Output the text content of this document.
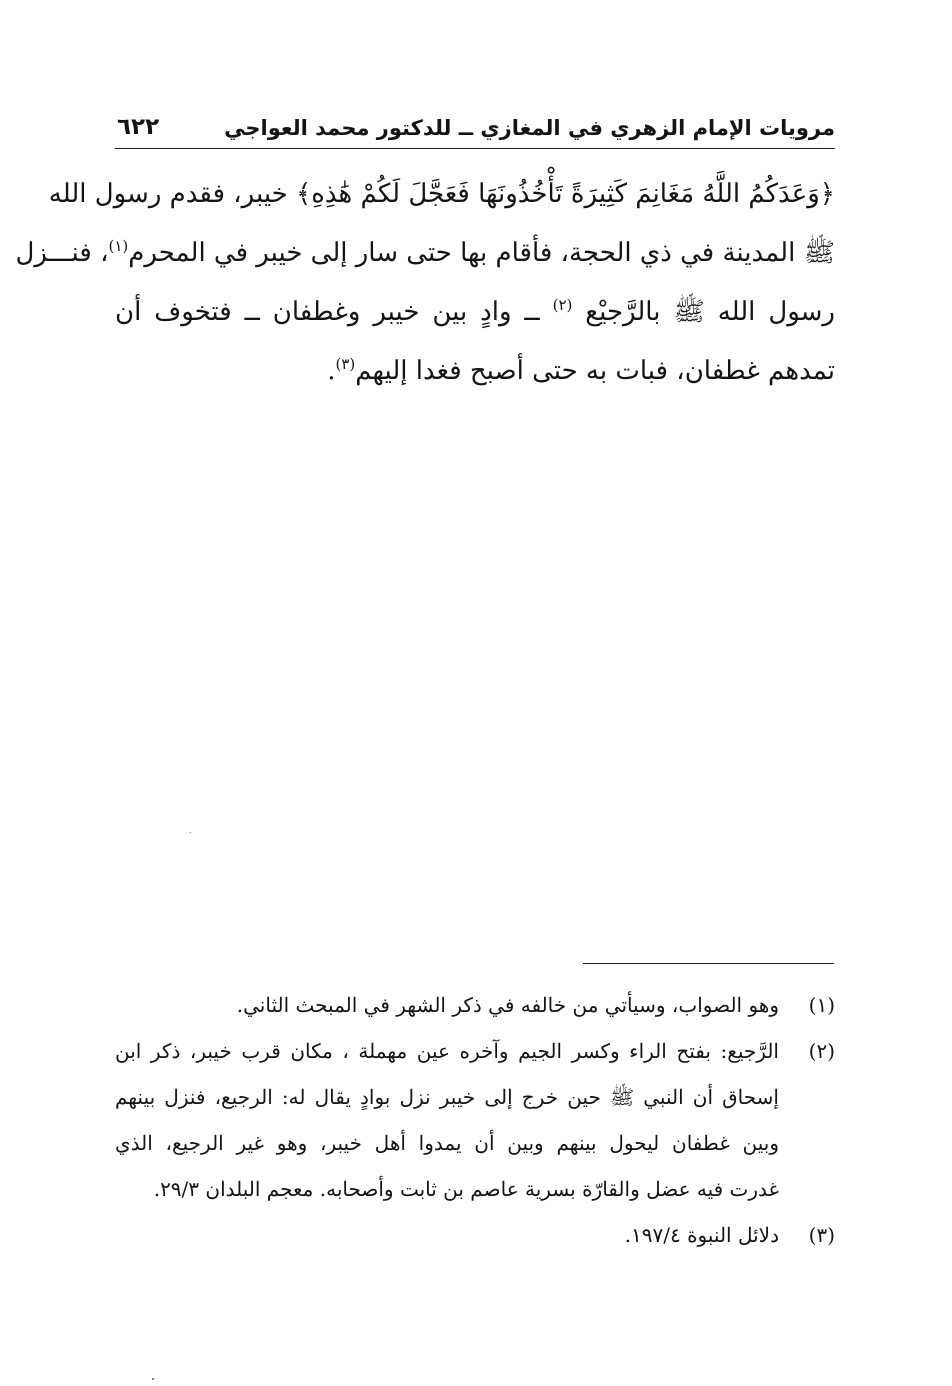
مرويات الإمام الزهري في المغازي ــ للدكتور محمد العواجي
٦٢٢
﴿وَعَدَكُمُ اللَّهُ مَغَانِمَ كَثِيرَةً تَأْخُذُونَهَا فَعَجَّلَ لَكُمْ هَٰذِهِ﴾ خيبر، فقدم رسول الله
ﷺ المدينة في ذي الحجة، فأقام بها حتى سار إلى خيبر في المحرم$^{(١)}$، فنـــزل
رسول الله ﷺ بالرَّجيْع $^{(٢)}$ ــ وادٍ بين خيبر وغطفان ــ فتخوف أن
تمدهم غطفان، فبات به حتى أصبح فغدا إليهم$^{(٣)}$.
(١)
وهو الصواب، وسيأتي من خالفه في ذكر الشهر في المبحث الثاني.
(٢)
الرَّجيع: بفتح الراء وكسر الجيم وآخره عين مهملة ، مكان قرب خيبر، ذكر ابن
إسحاق أن النبي ﷺ حين خرج إلى خيبر نزل بوادٍ يقال له: الرجيع، فنزل بينهم
وبين غطفان ليحول بينهم وبين أن يمدوا أهل خيبر، وهو غير الرجيع، الذي
غدرت فيه عضل والقارّة بسرية عاصم بن ثابت وأصحابه. معجم البلدان ٢٩/٣.
(٣)
دلائل النبوة ١٩٧/٤.
